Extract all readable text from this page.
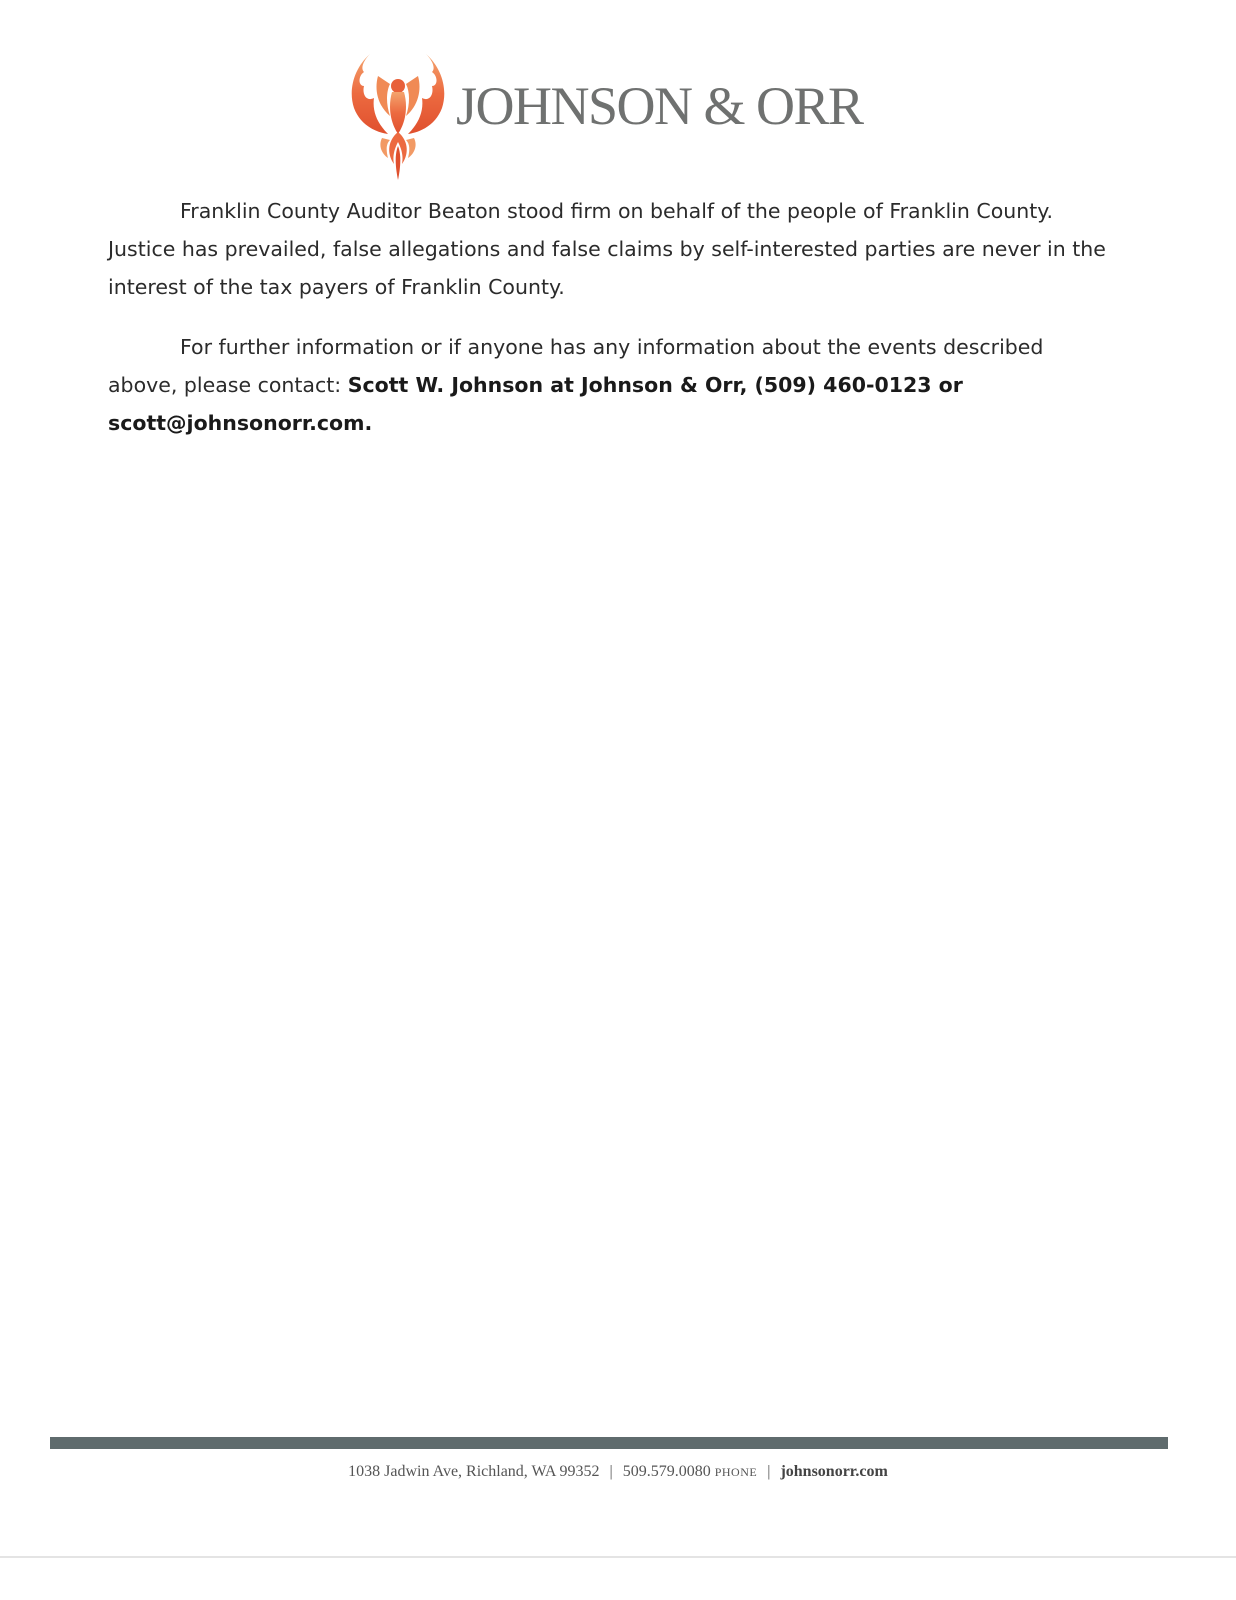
JOHNSON & ORR

Franklin County Auditor Beaton stood firm on behalf of the people of Franklin County. Justice has prevailed, false allegations and false claims by self-interested parties are never in the interest of the tax payers of Franklin County.

For further information or if anyone has any information about the events described above, please contact: Scott W. Johnson at Johnson & Orr, (509) 460-0123 or scott@johnsonorr.com.

1038 Jadwin Ave, Richland, WA 99352 | 509.579.0080 PHONE | johnsonorr.com
